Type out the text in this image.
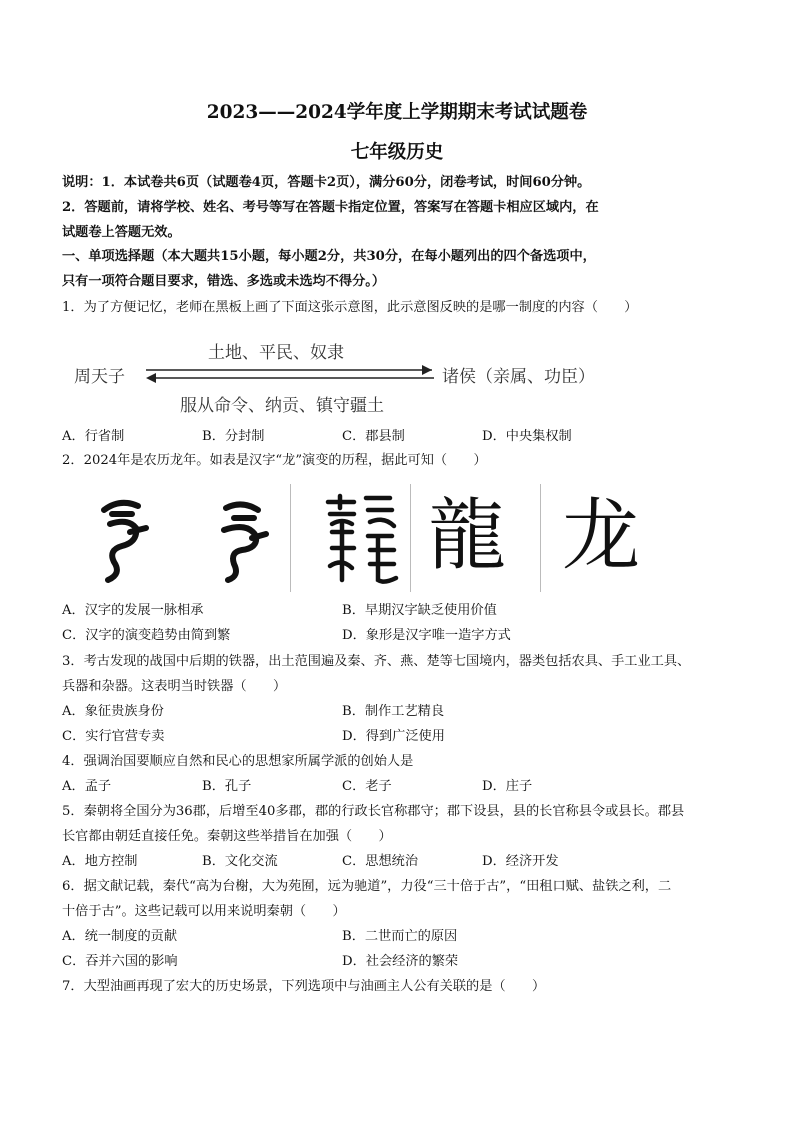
2023——2024学年度上学期期末考试试题卷
七年级历史
说明：1．本试卷共6页（试题卷4页，答题卡2页），满分60分，闭卷考试，时间60分钟。
2．答题前，请将学校、姓名、考号等写在答题卡指定位置，答案写在答题卡相应区域内，在
试题卷上答题无效。
一、单项选择题（本大题共15小题，每小题2分，共30分，在每小题列出的四个备选项中，
只有一项符合题目要求，错选、多选或未选均不得分。）
1．为了方便记忆，老师在黑板上画了下面这张示意图，此示意图反映的是哪一制度的内容（　　）
土地、平民、奴隶
周天子	诸侯（亲属、功臣）
服从命令、纳贡、镇守疆土
A．行省制	B．分封制	C．郡县制	D．中央集权制
2．2024年是农历龙年。如表是汉字“龙”演变的历程，据此可知（　　）
龍 龙
A．汉字的发展一脉相承	B．早期汉字缺乏使用价值
C．汉字的演变趋势由简到繁	D．象形是汉字唯一造字方式
3．考古发现的战国中后期的铁器，出土范围遍及秦、齐、燕、楚等七国境内，器类包括农具、手工业工具、
兵器和杂器。这表明当时铁器（　　）
A．象征贵族身份	B．制作工艺精良
C．实行官营专卖	D．得到广泛使用
4．强调治国要顺应自然和民心的思想家所属学派的创始人是
A．孟子	B．孔子	C．老子	D．庄子
5．秦朝将全国分为36郡，后增至40多郡，郡的行政长官称郡守；郡下设县，县的长官称县令或县长。郡县
长官都由朝廷直接任免。秦朝这些举措旨在加强（　　）
A．地方控制	B．文化交流	C．思想统治	D．经济开发
6．据文献记载，秦代“高为台榭，大为苑囿，远为驰道”，力役“三十倍于古”，“田租口赋、盐铁之利，二
十倍于古”。这些记载可以用来说明秦朝（　　）
A．统一制度的贡献	B．二世而亡的原因
C．吞并六国的影响	D．社会经济的繁荣
7．大型油画再现了宏大的历史场景，下列选项中与油画主人公有关联的是（　　）
